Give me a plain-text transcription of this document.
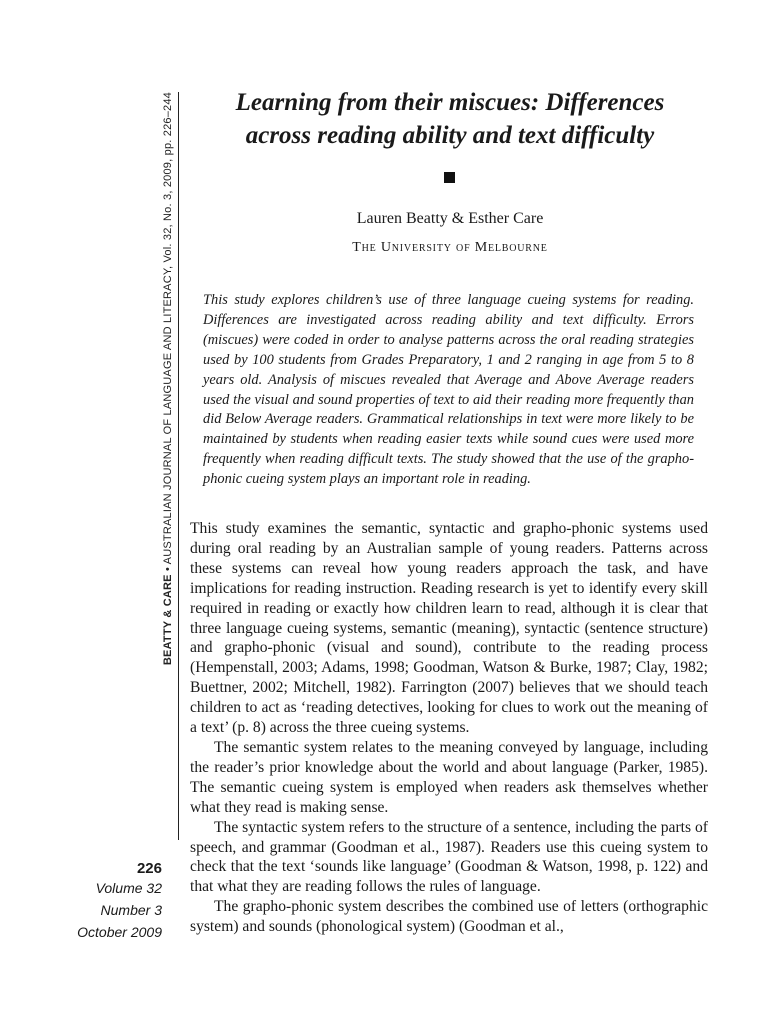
BEATTY & CARE • AUSTRALIAN JOURNAL OF LANGUAGE AND LITERACY, Vol. 32, No. 3, 2009, pp. 226–244
226
Volume 32
Number 3
October 2009
Learning from their miscues: Differences
across reading ability and text difficulty
Lauren Beatty & Esther Care
The University of Melbourne

This study explores children’s use of three language cueing systems for reading. Differences are investigated across reading ability and text difficulty. Errors (miscues) were coded in order to analyse patterns across the oral reading strategies used by 100 students from Grades Preparatory, 1 and 2 ranging in age from 5 to 8 years old. Analysis of miscues revealed that Average and Above Average readers used the visual and sound properties of text to aid their reading more frequently than did Below Average readers. Grammatical relationships in text were more likely to be maintained by students when reading easier texts while sound cues were used more frequently when reading difficult texts. The study showed that the use of the grapho-phonic cueing system plays an important role in reading.

This study examines the semantic, syntactic and grapho-phonic systems used during oral reading by an Australian sample of young readers. Patterns across these systems can reveal how young readers approach the task, and have implications for reading instruction. Reading research is yet to identify every skill required in reading or exactly how children learn to read, although it is clear that three language cueing systems, semantic (meaning), syntactic (sentence structure) and grapho-phonic (visual and sound), contribute to the reading process (Hempenstall, 2003; Adams, 1998; Goodman, Watson & Burke, 1987; Clay, 1982; Buettner, 2002; Mitchell, 1982). Farrington (2007) believes that we should teach children to act as ‘reading detectives, looking for clues to work out the meaning of a text’ (p. 8) across the three cueing systems.

The semantic system relates to the meaning conveyed by language, including the reader’s prior knowledge about the world and about language (Parker, 1985). The semantic cueing system is employed when readers ask themselves whether what they read is making sense.

The syntactic system refers to the structure of a sentence, including the parts of speech, and grammar (Goodman et al., 1987). Readers use this cueing system to check that the text ‘sounds like language’ (Goodman & Watson, 1998, p. 122) and that what they are reading follows the rules of language.

The grapho-phonic system describes the combined use of letters (orthographic system) and sounds (phonological system) (Goodman et al.,
